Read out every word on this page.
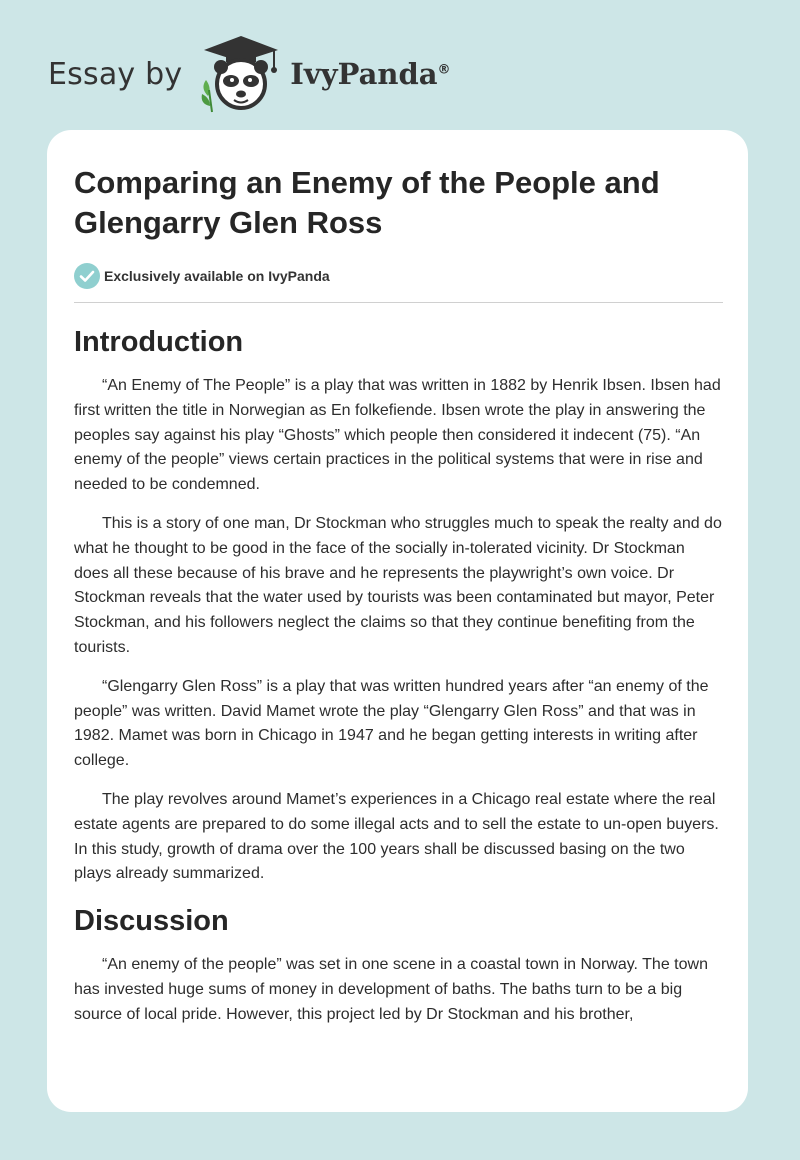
Essay by	IvyPanda®
Comparing an Enemy of the People and Glengarry Glen Ross
Exclusively available on IvyPanda
Introduction

“An Enemy of The People” is a play that was written in 1882 by Henrik Ibsen. Ibsen had first written the title in Norwegian as En folkefiende. Ibsen wrote the play in answering the peoples say against his play “Ghosts” which people then considered it indecent (75). “An enemy of the people” views certain practices in the political systems that were in rise and needed to be condemned.

This is a story of one man, Dr Stockman who struggles much to speak the realty and do what he thought to be good in the face of the socially in-tolerated vicinity. Dr Stockman does all these because of his brave and he represents the playwright’s own voice. Dr Stockman reveals that the water used by tourists was been contaminated but mayor, Peter Stockman, and his followers neglect the claims so that they continue benefiting from the tourists.

“Glengarry Glen Ross” is a play that was written hundred years after “an enemy of the people” was written. David Mamet wrote the play “Glengarry Glen Ross” and that was in 1982. Mamet was born in Chicago in 1947 and he began getting interests in writing after college.

The play revolves around Mamet’s experiences in a Chicago real estate where the real estate agents are prepared to do some illegal acts and to sell the estate to un-open buyers. In this study, growth of drama over the 100 years shall be discussed basing on the two plays already summarized.

Discussion

“An enemy of the people” was set in one scene in a coastal town in Norway. The town has invested huge sums of money in development of baths. The baths turn to be a big source of local pride. However, this project led by Dr Stockman and his brother,
